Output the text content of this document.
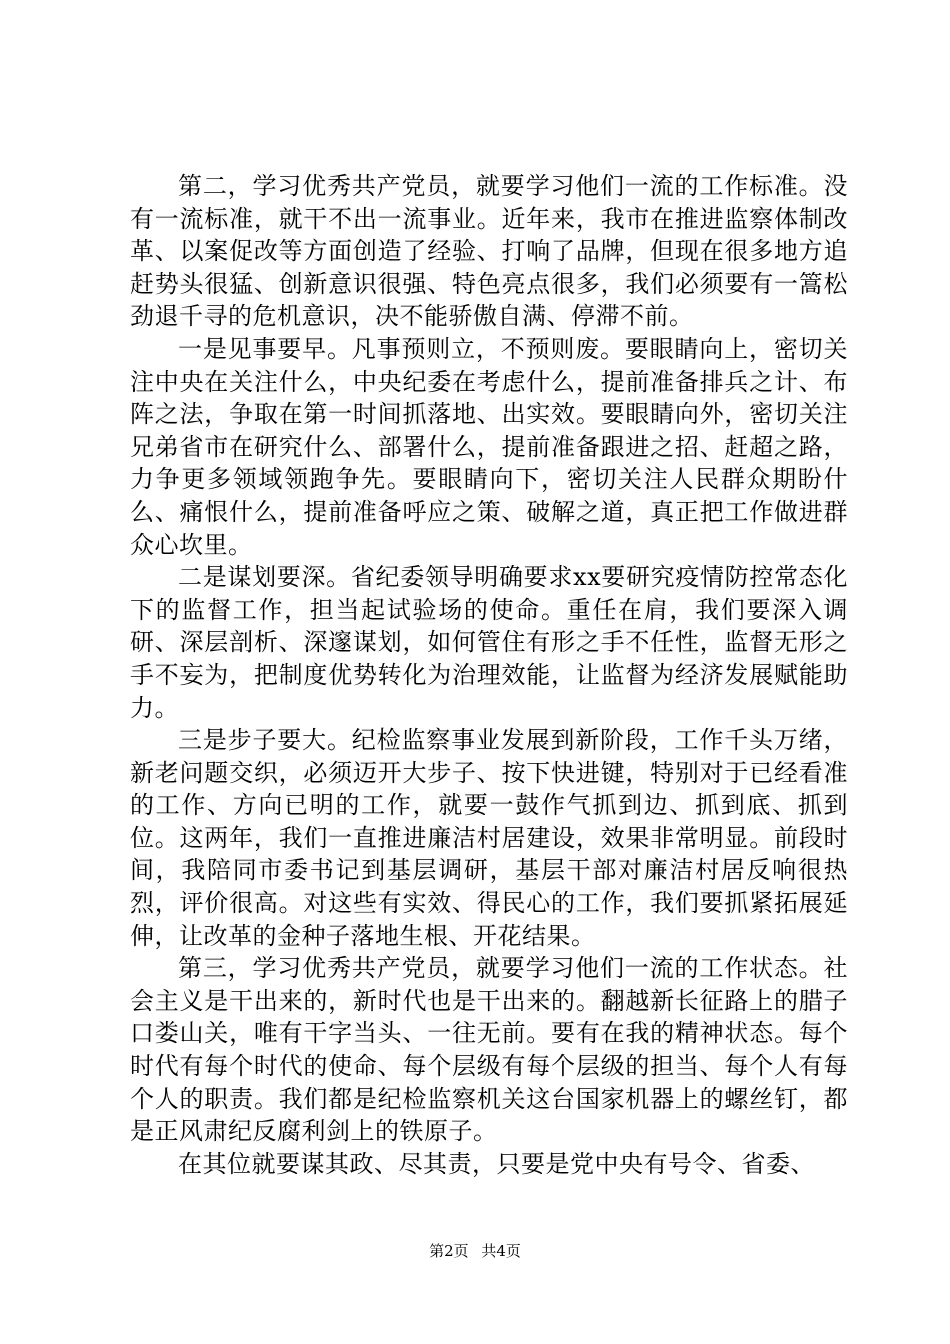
第二，学习优秀共产党员，就要学习他们一流的工作标准。没有一流标准，就干不出一流事业。近年来，我市在推进监察体制改革、以案促改等方面创造了经验、打响了品牌，但现在很多地方追赶势头很猛、创新意识很强、特色亮点很多，我们必须要有一篙松劲退千寻的危机意识，决不能骄傲自满、停滞不前。

一是见事要早。凡事预则立，不预则废。要眼睛向上，密切关注中央在关注什么，中央纪委在考虑什么，提前准备排兵之计、布阵之法，争取在第一时间抓落地、出实效。要眼睛向外，密切关注兄弟省市在研究什么、部署什么，提前准备跟进之招、赶超之路，力争更多领域领跑争先。要眼睛向下，密切关注人民群众期盼什么、痛恨什么，提前准备呼应之策、破解之道，真正把工作做进群众心坎里。

二是谋划要深。省纪委领导明确要求xx要研究疫情防控常态化下的监督工作，担当起试验场的使命。重任在肩，我们要深入调研、深层剖析、深邃谋划，如何管住有形之手不任性，监督无形之手不妄为，把制度优势转化为治理效能，让监督为经济发展赋能助力。

三是步子要大。纪检监察事业发展到新阶段，工作千头万绪，新老问题交织，必须迈开大步子、按下快进键，特别对于已经看准的工作、方向已明的工作，就要一鼓作气抓到边、抓到底、抓到位。这两年，我们一直推进廉洁村居建设，效果非常明显。前段时间，我陪同市委书记到基层调研，基层干部对廉洁村居反响很热烈，评价很高。对这些有实效、得民心的工作，我们要抓紧拓展延伸，让改革的金种子落地生根、开花结果。

第三，学习优秀共产党员，就要学习他们一流的工作状态。社会主义是干出来的，新时代也是干出来的。翻越新长征路上的腊子口娄山关，唯有干字当头、一往无前。要有在我的精神状态。每个时代有每个时代的使命、每个层级有每个层级的担当、每个人有每个人的职责。我们都是纪检监察机关这台国家机器上的螺丝钉，都是正风肃纪反腐利剑上的铁原子。

在其位就要谋其政、尽其责，只要是党中央有号令、省委、

第2页 共4页
